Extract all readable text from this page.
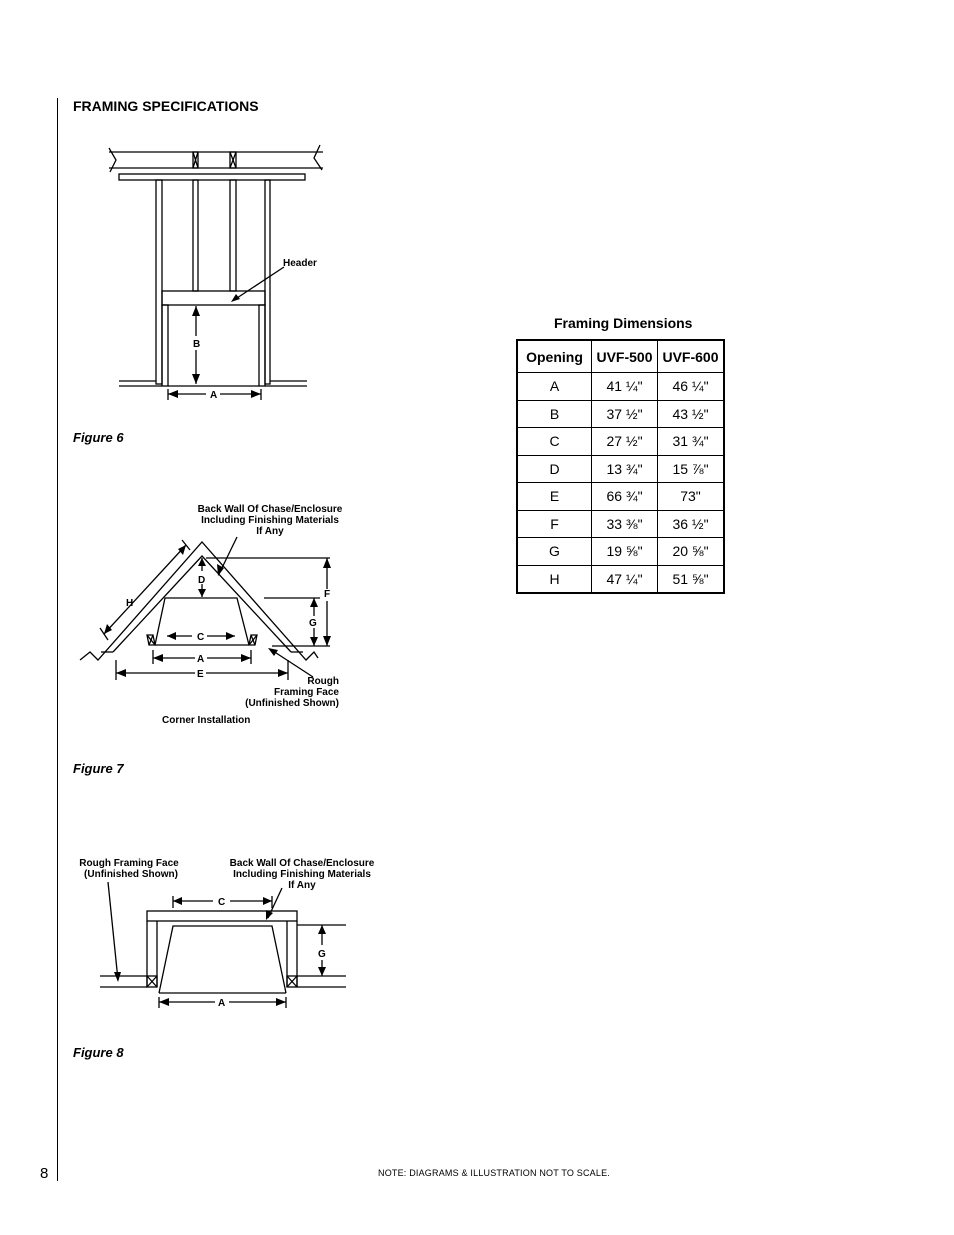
FRAMING SPECIFICATIONS
Header
B
A
Figure 6
Back Wall Of Chase/Enclosure
Including Finishing Materials
If Any
H
D
F
G
C
A
E
Rough
Framing Face
(Unfinished Shown)
Corner Installation
Figure 7
Rough Framing Face
(Unfinished Shown)
Back Wall Of Chase/Enclosure
Including Finishing Materials
If Any
C
G
A
Figure 8
Framing Dimensions
Opening	UVF-500	UVF-600
A	41 ¼"	46 ¼"
B	37 ½"	43 ½"
C	27 ½"	31 ¾"
D	13 ¾"	15 ⅞"
E	66 ¾"	73"
F	33 ⅜"	36 ½"
G	19 ⅝"	20 ⅝"
H	47 ¼"	51 ⅝"
8	NOTE: DIAGRAMS & ILLUSTRATION NOT TO SCALE.
